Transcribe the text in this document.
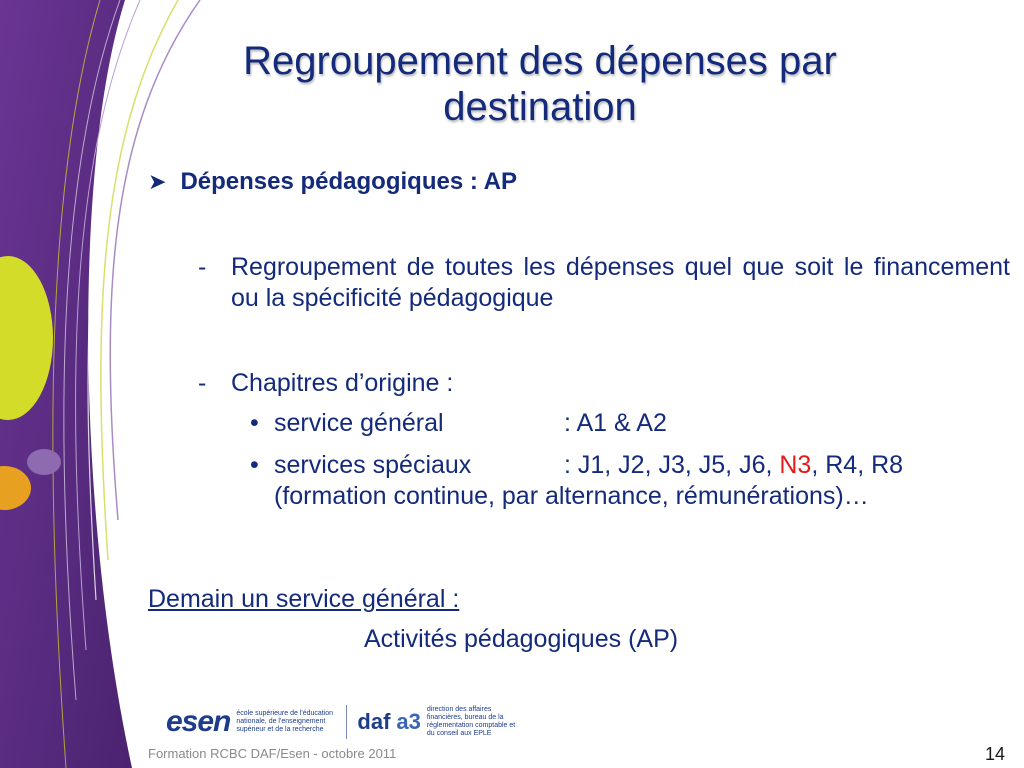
Regroupement des dépenses par
destination
➤ Dépenses pédagogiques : AP
- Regroupement de toutes les dépenses quel que soit le financement ou la spécificité pédagogique
- Chapitres d’origine :
• service général	: A1 & A2
• services spéciaux	: J1, J2, J3, J5, J6, N3, R4, R8 (formation continue, par alternance, rémunérations)…
Demain un service général :
Activités pédagogiques (AP)
esen école supérieure de l'éducation nationale, de l'enseignement supérieur et de la recherche	daf a3 direction des affaires financières, bureau de la réglementation comptable et du conseil aux EPLE
Formation RCBC DAF/Esen - octobre 2011	14
